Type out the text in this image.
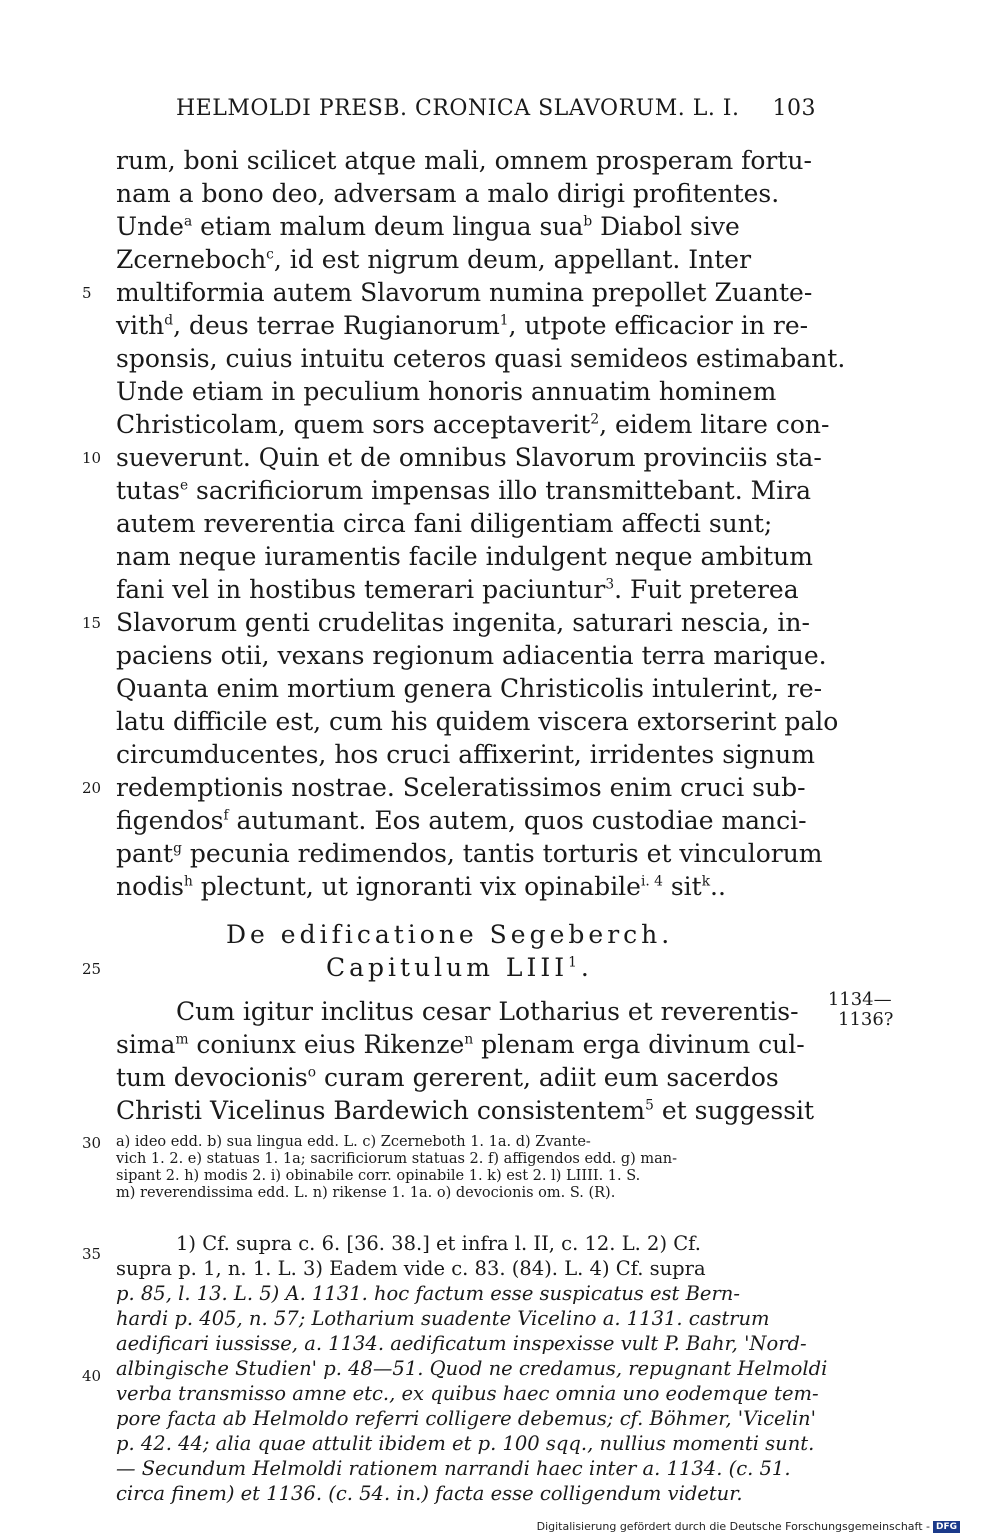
HELMOLDI PRESB. CRONICA SLAVORUM. L. I. 103
rum, boni scilicet atque mali, omnem prosperam fortu-
nam a bono deo, adversam a malo dirigi profitentes.
Unde$^a$ etiam malum deum lingua sua$^b$ Diabol sive
Zcerneboch$^c$, id est nigrum deum, appellant. Inter
multiformia autem Slavorum numina prepollet Zuante-
vith$^d$, deus terrae Rugianorum$^1$, utpote efficacior in re-
sponsis, cuius intuitu ceteros quasi semideos estimabant.
Unde etiam in peculium honoris annuatim hominem
Christicolam, quem sors acceptaverit$^2$, eidem litare con-
sueverunt. Quin et de omnibus Slavorum provinciis sta-
tutas$^e$ sacrificiorum impensas illo transmittebant. Mira
autem reverentia circa fani diligentiam affecti sunt;
nam neque iuramentis facile indulgent neque ambitum
fani vel in hostibus temerari paciuntur$^3$. Fuit preterea
Slavorum genti crudelitas ingenita, saturari nescia, in-
paciens otii, vexans regionum adiacentia terra marique.
Quanta enim mortium genera Christicolis intulerint, re-
latu difficile est, cum his quidem viscera extorserint palo
circumducentes, hos cruci affixerint, irridentes signum
redemptionis nostrae. Sceleratissimos enim cruci sub-
figendos$^f$ autumant. Eos autem, quos custodiae manci-
pant$^g$ pecunia redimendos, tantis torturis et vinculorum
nodis$^h$ plectunt, ut ignoranti vix opinabile$^{i. 4}$ sit$^k$..
5
10
15
20
25
30
35
40
De edificatione Segeberch.
Capitulum LIII$^1$.
Cum igitur inclitus cesar Lotharius et reverentis-
sima$^m$ coniunx eius Rikenze$^n$ plenam erga divinum cul-
tum devocionis$^o$ curam gererent, adiit eum sacerdos
Christi Vicelinus Bardewich consistentem$^5$ et suggessit
1134—
1136?
a) ideo edd. b) sua lingua edd. L. c) Zcerneboth 1. 1a. d) Zvante-
vich 1. 2. e) statuas 1. 1a; sacrificiorum statuas 2. f) affigendos edd. g) man-
sipant 2. h) modis 2. i) obinabile corr. opinabile 1. k) est 2. l) LIIII. 1. S.
m) reverendissima edd. L. n) rikense 1. 1a. o) devocionis om. S. (R).
1) Cf. supra c. 6. [36. 38.] et infra l. II, c. 12. L. 2) Cf.
supra p. 1, n. 1. L. 3) Eadem vide c. 83. (84). L. 4) Cf. supra
p. 85, l. 13. L. 5) A. 1131. hoc factum esse suspicatus est Bern-
hardi p. 405, n. 57; Lotharium suadente Vicelino a. 1131. castrum
aedificari iussisse, a. 1134. aedificatum inspexisse vult P. Bahr, 'Nord-
albingische Studien' p. 48—51. Quod ne credamus, repugnant Helmoldi
verba transmisso amne etc., ex quibus haec omnia uno eodemque tem-
pore facta ab Helmoldo referri colligere debemus; cf. Böhmer, 'Vicelin'
p. 42. 44; alia quae attulit ibidem et p. 100 sqq., nullius momenti sunt.
— Secundum Helmoldi rationem narrandi haec inter a. 1134. (c. 51.
circa finem) et 1136. (c. 54. in.) facta esse colligendum videtur.
Digitalisierung gefördert durch die Deutsche Forschungsgemeinschaft - DFG
